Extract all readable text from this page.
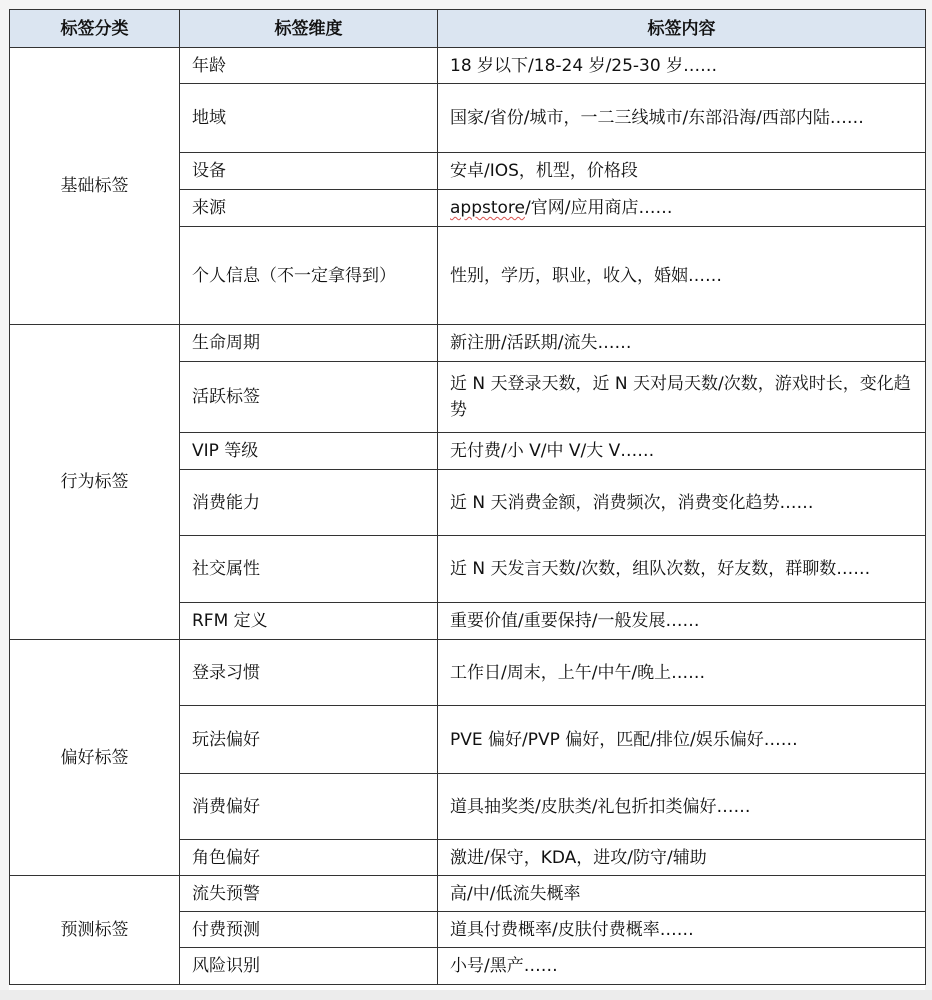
标签分类	标签维度	标签内容
基础标签	年龄	18 岁以下/18-24 岁/25-30 岁……
	地域	国家/省份/城市，一二三线城市/东部沿海/西部内陆……
	设备	安卓/IOS，机型，价格段
	来源	appstore/官网/应用商店……
	个人信息（不一定拿得到）	性别，学历，职业，收入，婚姻……
行为标签	生命周期	新注册/活跃期/流失……
	活跃标签	近 N 天登录天数，近 N 天对局天数/次数，游戏时长，变化趋势
	VIP 等级	无付费/小 V/中 V/大 V……
	消费能力	近 N 天消费金额，消费频次，消费变化趋势……
	社交属性	近 N 天发言天数/次数，组队次数，好友数，群聊数……
	RFM 定义	重要价值/重要保持/一般发展……
偏好标签	登录习惯	工作日/周末，上午/中午/晚上……
	玩法偏好	PVE 偏好/PVP 偏好，匹配/排位/娱乐偏好……
	消费偏好	道具抽奖类/皮肤类/礼包折扣类偏好……
	角色偏好	激进/保守，KDA，进攻/防守/辅助
预测标签	流失预警	高/中/低流失概率
	付费预测	道具付费概率/皮肤付费概率……
	风险识别	小号/黑产……
